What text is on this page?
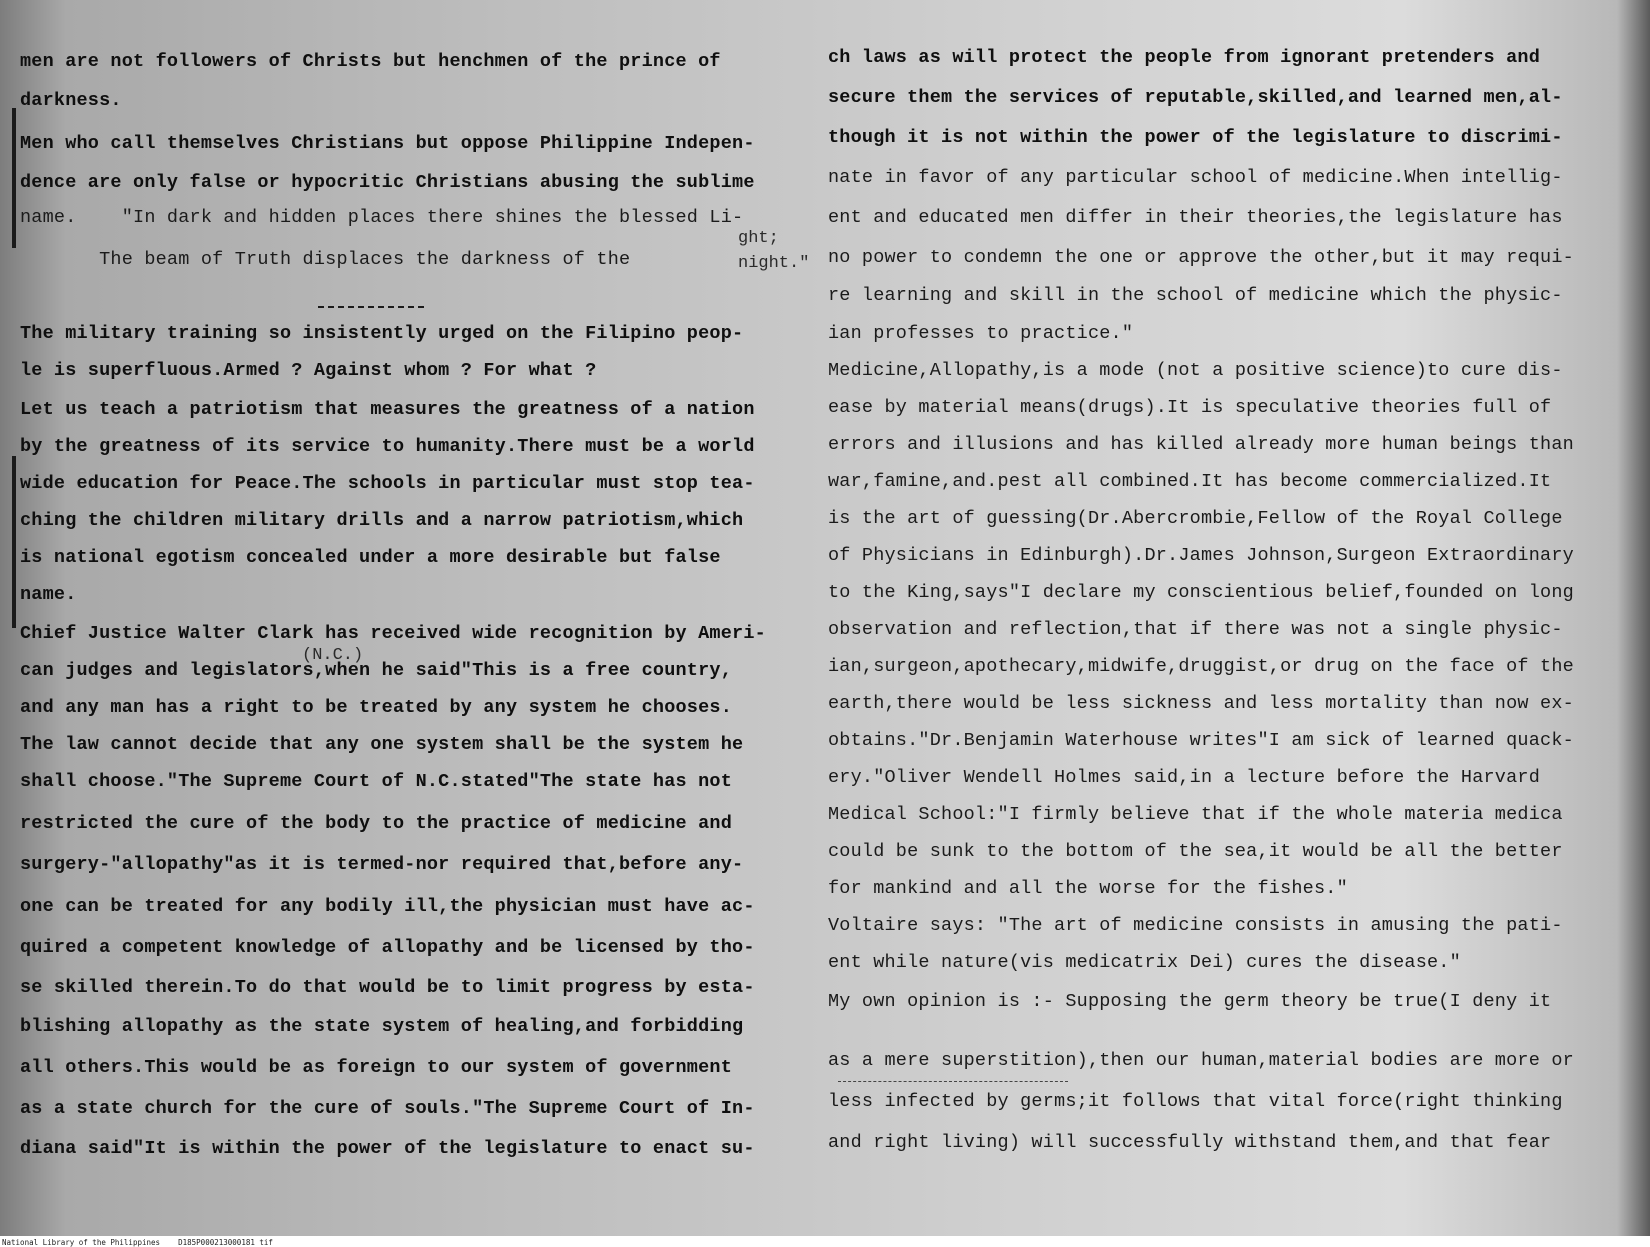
men are not followers of Christs but henchmen of the prince of
darkness.
Men who call themselves Christians but oppose Philippine Indepen-
dence are only false or hypocritic Christians abusing the sublime
name.    "In dark and hidden places there shines the blessed Li-
ght;
The beam of Truth displaces the darkness of the	night."
The military training so insistently urged on the Filipino peop-
le is superfluous.Armed ? Against whom ? For what ?
Let us teach a patriotism that measures the greatness of a nation
by the greatness of its service to humanity.There must be a world
wide education for Peace.The schools in particular must stop tea-
ching the children military drills and a narrow patriotism,which
is national egotism concealed under a more desirable but false
name.
Chief Justice Walter Clark has received wide recognition by Ameri-
(N.C.)
can judges and legislators,when he said"This is a free country,
and any man has a right to be treated by any system he chooses.
The law cannot decide that any one system shall be the system he
shall choose."The Supreme Court of N.C.stated"The state has not
restricted the cure of the body to the practice of medicine and
surgery-"allopathy"as it is termed-nor required that,before any-
one can be treated for any bodily ill,the physician must have ac-
quired a competent knowledge of allopathy and be licensed by tho-
se skilled therein.To do that would be to limit progress by esta-
blishing allopathy as the state system of healing,and forbidding
all others.This would be as foreign to our system of government
as a state church for the cure of souls."The Supreme Court of In-
diana said"It is within the power of the legislature to enact su-
ch laws as will protect the people from ignorant pretenders and
secure them the services of reputable,skilled,and learned men,al-
though it is not within the power of the legislature to discrimi-
nate in favor of any particular school of medicine.When intellig-
ent and educated men differ in their theories,the legislature has
no power to condemn the one or approve the other,but it may requi-
re learning and skill in the school of medicine which the physic-
ian professes to practice."
Medicine,Allopathy,is a mode (not a positive science)to cure dis-
ease by material means(drugs).It is speculative theories full of
errors and illusions and has killed already more human beings than
war,famine,and.pest all combined.It has become commercialized.It
is the art of guessing(Dr.Abercrombie,Fellow of the Royal College
of Physicians in Edinburgh).Dr.James Johnson,Surgeon Extraordinary
to the King,says"I declare my conscientious belief,founded on long
observation and reflection,that if there was not a single physic-
ian,surgeon,apothecary,midwife,druggist,or drug on the face of the
earth,there would be less sickness and less mortality than now ex-
obtains."Dr.Benjamin Waterhouse writes"I am sick of learned quack-
ery."Oliver Wendell Holmes said,in a lecture before the Harvard
Medical School:"I firmly believe that if the whole materia medica
could be sunk to the bottom of the sea,it would be all the better
for mankind and all the worse for the fishes."
Voltaire says: "The art of medicine consists in amusing the pati-
ent while nature(vis medicatrix Dei) cures the disease."
My own opinion is :- Supposing the germ theory be true(I deny it
as a mere superstition),then our human,material bodies are more or
less infected by germs;it follows that vital force(right thinking
and right living) will successfully withstand them,and that fear
National Library of the Philippines    D185P000213000181 tif
